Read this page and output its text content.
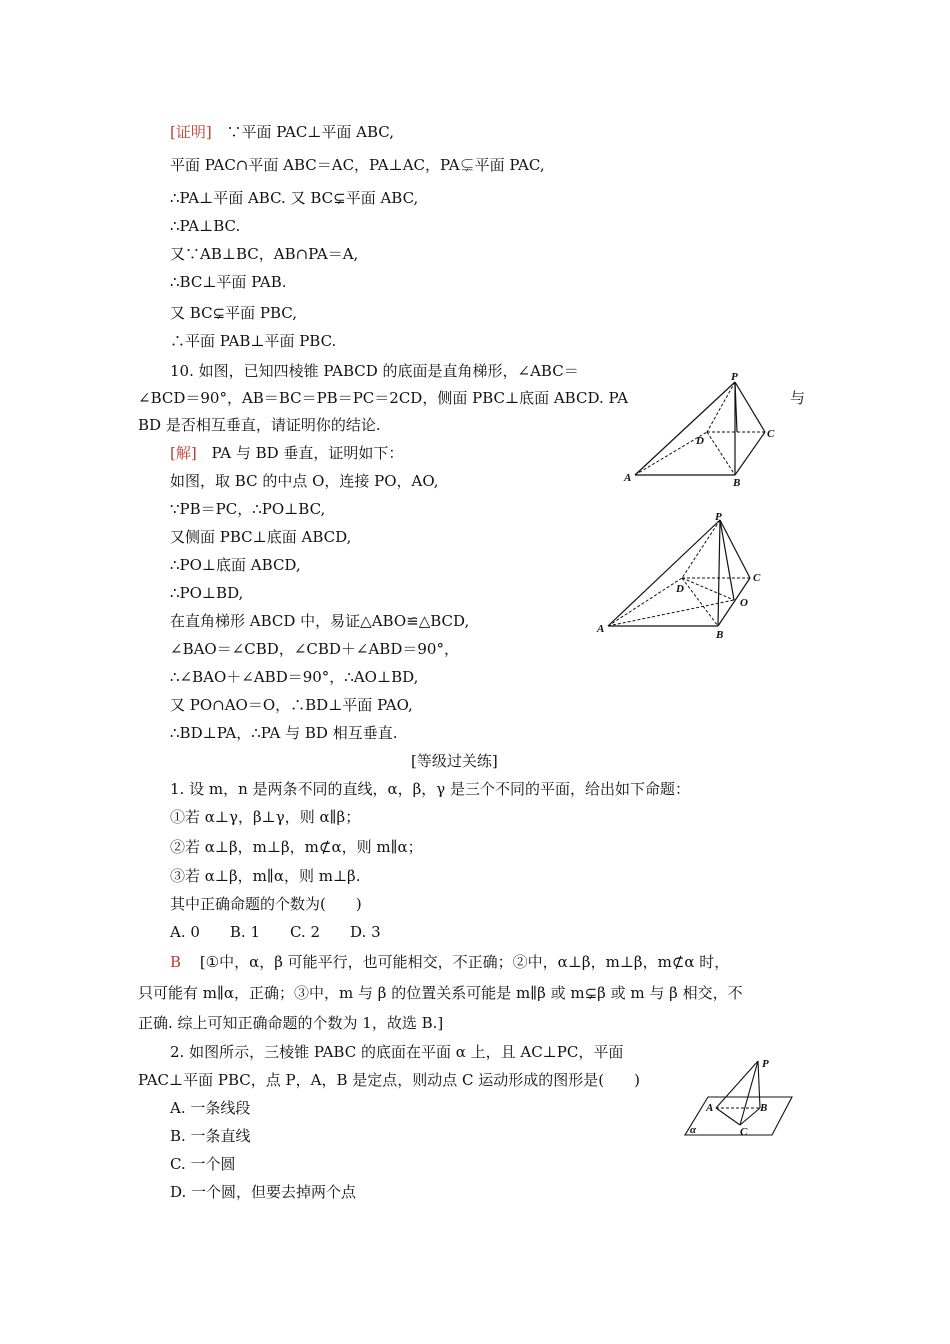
[证明] ∵平面 PAC⊥平面 ABC,
平面 PAC∩平面 ABC＝AC，PA⊥AC，PA⊊平面 PAC,
∴PA⊥平面 ABC. 又 BC⊊平面 ABC,
∴PA⊥BC.
又∵AB⊥BC，AB∩PA＝A,
∴BC⊥平面 PAB.
又 BC⊊平面 PBC,
∴平面 PAB⊥平面 PBC.
10. 如图，已知四棱锥 PABCD 的底面是直角梯形，∠ABC＝
∠BCD＝90°，AB＝BC＝PB＝PC＝2CD，侧面 PBC⊥底面 ABCD. PA	与
BD 是否相互垂直，请证明你的结论.
[解] PA 与 BD 垂直，证明如下：
如图，取 BC 的中点 O，连接 PO，AO,
∵PB＝PC，∴PO⊥BC,
又侧面 PBC⊥底面 ABCD,
∴PO⊥底面 ABCD,
∴PO⊥BD,
在直角梯形 ABCD 中，易证△ABO≌△BCD,
∠BAO＝∠CBD，∠CBD＋∠ABD＝90°，
∴∠BAO＋∠ABD＝90°，∴AO⊥BD,
又 PO∩AO＝O，∴BD⊥平面 PAO,
∴BD⊥PA，∴PA 与 BD 相互垂直.
[等级过关练]
1. 设 m，n 是两条不同的直线，α，β，γ 是三个不同的平面，给出如下命题：
①若 α⊥γ，β⊥γ，则 α∥β；
②若 α⊥β，m⊥β，m⊄α，则 m∥α；
③若 α⊥β，m∥α，则 m⊥β.
其中正确命题的个数为(　　)
A. 0　　B. 1　　C. 2　　D. 3
B [①中，α，β 可能平行，也可能相交，不正确；②中，α⊥β，m⊥β，m⊄α 时，
只可能有 m∥α，正确；③中，m 与 β 的位置关系可能是 m∥β 或 m⊊β 或 m 与 β 相交，不
正确. 综上可知正确命题的个数为 1，故选 B.]
2. 如图所示，三棱锥 PABC 的底面在平面 α 上，且 AC⊥PC，平面
PAC⊥平面 PBC，点 P，A，B 是定点，则动点 C 运动形成的图形是(　　)
A. 一条线段
B. 一条直线
C. 一个圆
D. 一个圆，但要去掉两个点
P
D
C
A	B
P
D
C
O
A	B
P
A	B
C
α
